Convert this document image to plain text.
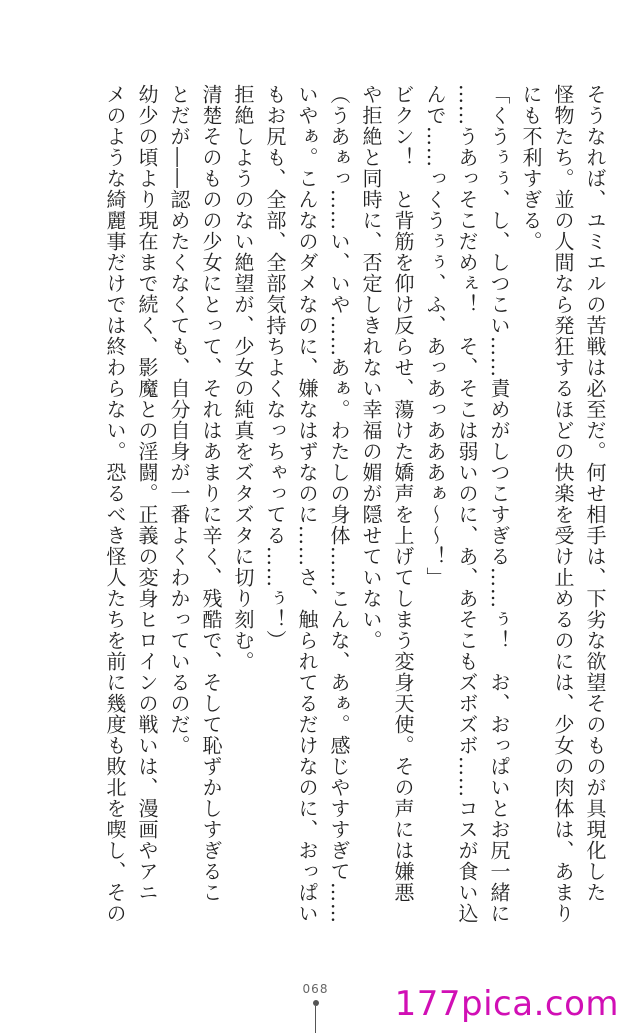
そうなれば、ユミエルの苦戦は必至だ。何せ相手は、下劣な欲望そのものが具現化した
怪物たち。並の人間なら発狂するほどの快楽を受け止めるのには、少女の肉体は、あまり
にも不利すぎる。
「くうぅぅ、し、しつこい……責めがしつこすぎる……ぅ！　お、おっぱいとお尻一緒に
……うあっそこだめぇ！　そ、そこは弱いのに、あ、あそこもズボズボ……コスが食い込
んで……っくうぅぅ、ふ、あっあっあああぁ〜〜！」
ビクン！　と背筋を仰け反らせ、蕩けた嬌声を上げてしまう変身天使。その声には嫌悪
や拒絶と同時に、否定しきれない幸福の媚が隠せていない。
（うあぁっ……い、いや……あぁ。わたしの身体……こんな、あぁ。感じやすすぎて……
いやぁ。こんなのダメなのに、嫌なはずなのに……さ、触られてるだけなのに、おっぱい
もお尻も、全部、全部気持ちよくなっちゃってる……ぅ！）
拒絶しようのない絶望が、少女の純真をズタズタに切り刻む。
清楚そのものの少女にとって、それはあまりに辛く、残酷で、そして恥ずかしすぎるこ
とだが――認めたくなくても、自分自身が一番よくわかっているのだ。
幼少の頃より現在まで続く、影魔との淫闘。正義の変身ヒロインの戦いは、漫画やアニ
メのような綺麗事だけでは終わらない。恐るべき怪人たちを前に幾度も敗北を喫し、その
068	177pica.com
